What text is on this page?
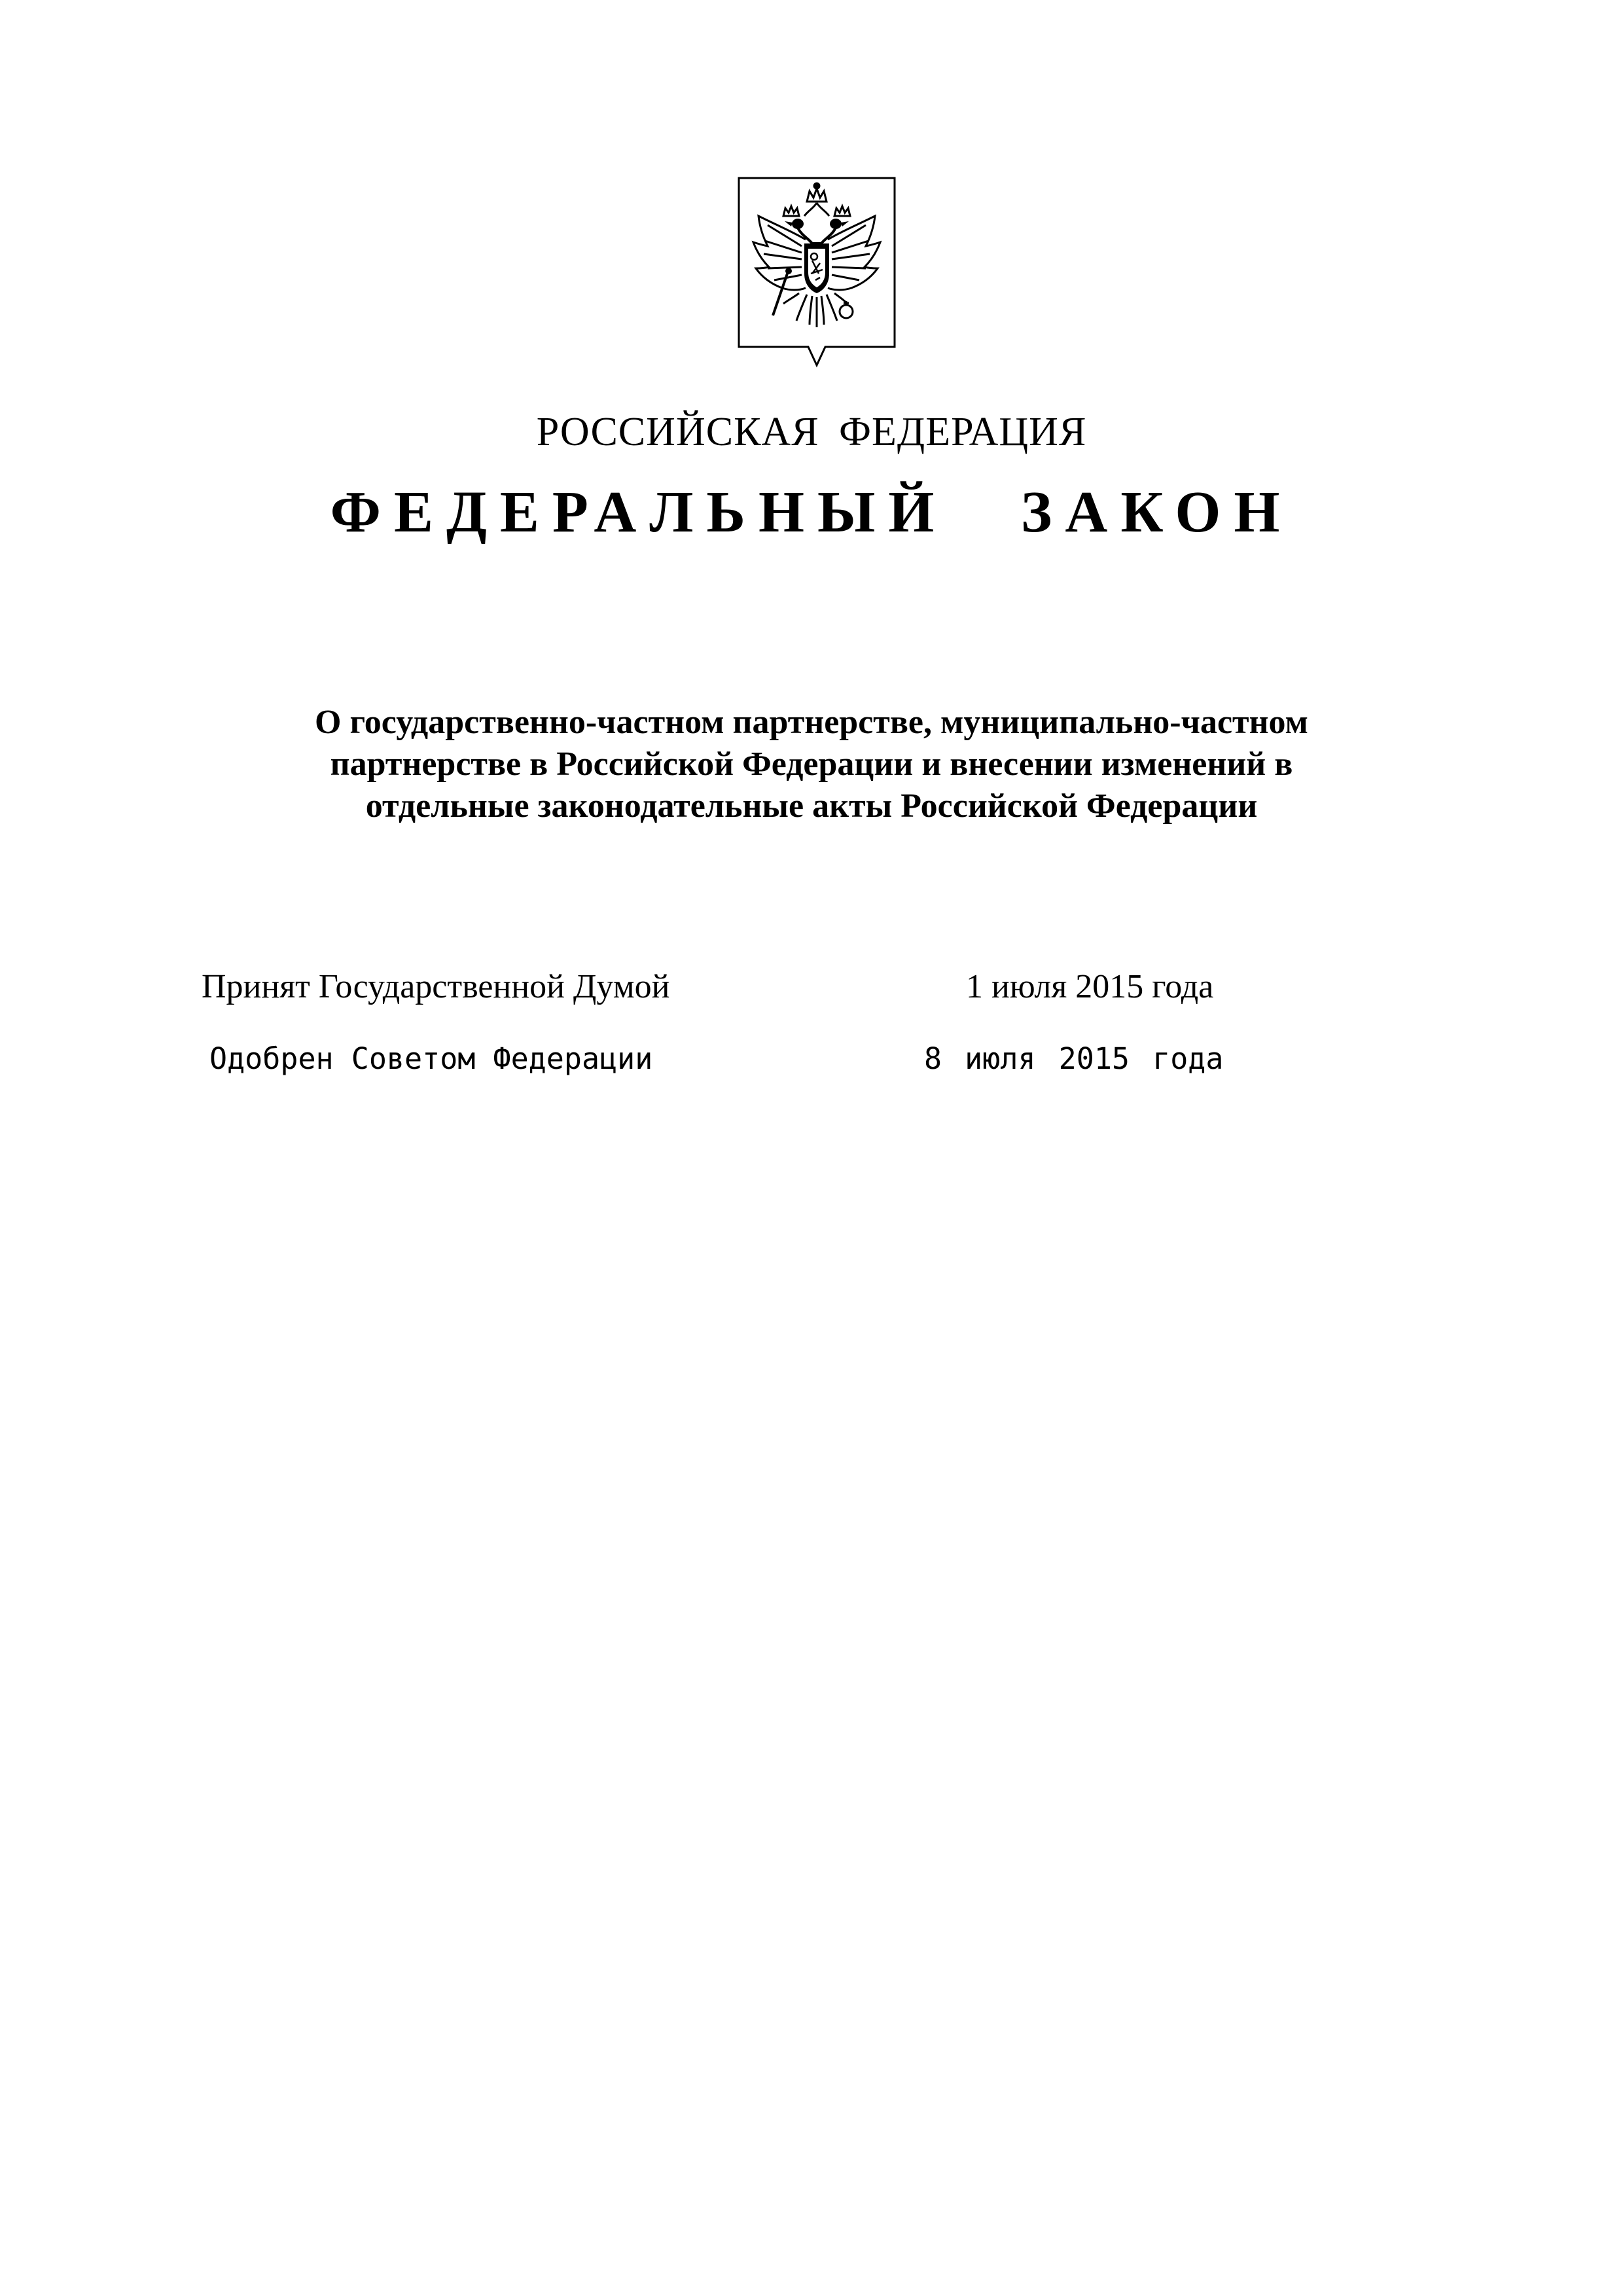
РОССИЙСКАЯ ФЕДЕРАЦИЯ
ФЕДЕРАЛЬНЫЙ ЗАКОН
О государственно-частном партнерстве, муниципально-частном
партнерстве в Российской Федерации и внесении изменений в
отдельные законодательные акты Российской Федерации
Принят Государственной Думой	1 июля 2015 года
Одобрен Советом Федерации	8 июля 2015 года
